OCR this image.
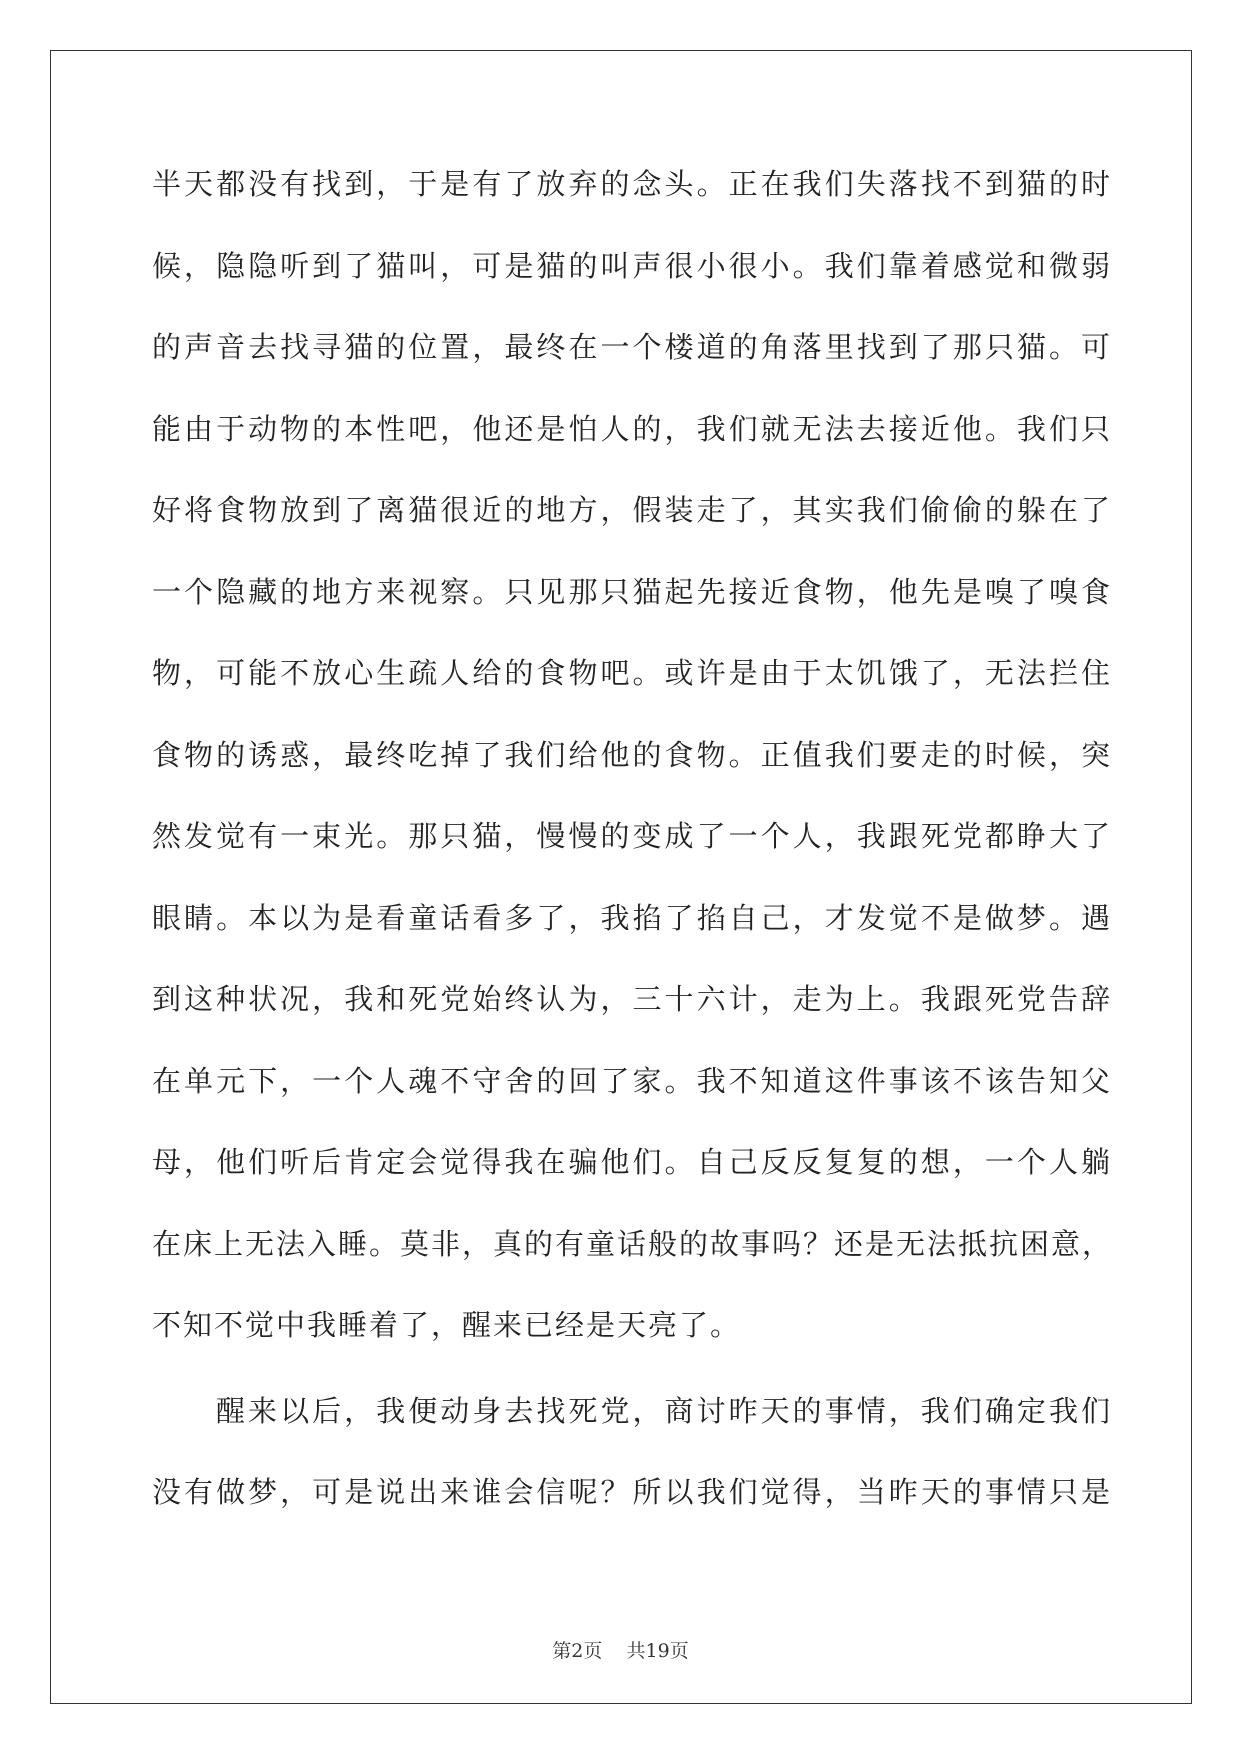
半天都没有找到，于是有了放弃的念头。正在我们失落找不到猫的时
候，隐隐听到了猫叫，可是猫的叫声很小很小。我们靠着感觉和微弱
的声音去找寻猫的位置，最终在一个楼道的角落里找到了那只猫。可
能由于动物的本性吧，他还是怕人的，我们就无法去接近他。我们只
好将食物放到了离猫很近的地方，假装走了，其实我们偷偷的躲在了
一个隐藏的地方来视察。只见那只猫起先接近食物，他先是嗅了嗅食
物，可能不放心生疏人给的食物吧。或许是由于太饥饿了，无法拦住
食物的诱惑，最终吃掉了我们给他的食物。正值我们要走的时候，突
然发觉有一束光。那只猫，慢慢的变成了一个人，我跟死党都睁大了
眼睛。本以为是看童话看多了，我掐了掐自己，才发觉不是做梦。遇
到这种状况，我和死党始终认为，三十六计，走为上。我跟死党告辞
在单元下，一个人魂不守舍的回了家。我不知道这件事该不该告知父
母，他们听后肯定会觉得我在骗他们。自己反反复复的想，一个人躺
在床上无法入睡。莫非，真的有童话般的故事吗？还是无法抵抗困意，
不知不觉中我睡着了，醒来已经是天亮了。
醒来以后，我便动身去找死党，商讨昨天的事情，我们确定我们
没有做梦，可是说出来谁会信呢？所以我们觉得，当昨天的事情只是
第2页 共19页
